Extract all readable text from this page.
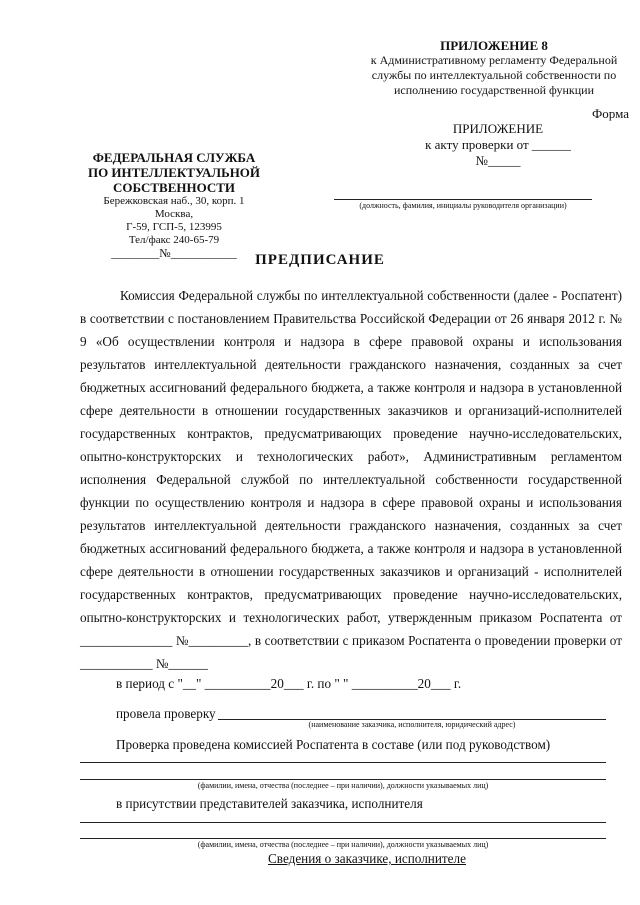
ПРИЛОЖЕНИЕ 8
к Административному регламенту Федеральной
службы по интеллектуальной собственности по
исполнению государственной функции
Форма
ПРИЛОЖЕНИЕ
к акту проверки от ______ №_____
ФЕДЕРАЛЬНАЯ СЛУЖБА
ПО ИНТЕЛЛЕКТУАЛЬНОЙ
СОБСТВЕННОСТИ
Бережковская наб., 30, корп. 1 Москва,
Г-59, ГСП-5, 123995
Тел/факс 240-65-79
________№___________
(должность, фамилия, инициалы руководителя организации)
ПРЕДПИСАНИЕ

Комиссия Федеральной службы по интеллектуальной собственности (далее - Роспатент) в соответствии с постановлением Правительства Российской Федерации от 26 января 2012 г. № 9 «Об осуществлении контроля и надзора в сфере правовой охраны и использования результатов интеллектуальной деятельности гражданского назначения, созданных за счет бюджетных ассигнований федерального бюджета, а также контроля и надзора в установленной сфере деятельности в отношении государственных заказчиков и организаций-исполнителей государственных контрактов, предусматривающих проведение научно-исследовательских, опытно-конструкторских и технологических работ», Административным регламентом исполнения Федеральной службой по интеллектуальной собственности государственной функции по осуществлению контроля и надзора в сфере правовой охраны и использования результатов интеллектуальной деятельности гражданского назначения, созданных за счет бюджетных ассигнований федерального бюджета, а также контроля и надзора в установленной сфере деятельности в отношении государственных заказчиков и организаций - исполнителей государственных контрактов, предусматривающих проведение научно-исследовательских, опытно-конструкторских и технологических работ, утвержденным приказом Роспатента от ______________ №_________, в соответствии с приказом Роспатента о проведении проверки от ___________ №______

в период с "__" __________20___ г. по " " __________20___ г.
провела проверку
(наименование заказчика, исполнителя, юридический адрес)
Проверка проведена комиссией Роспатента в составе (или под руководством)
(фамилии, имена, отчества (последнее – при наличии), должности указываемых лиц)
в присутствии представителей заказчика, исполнителя
(фамилии, имена, отчества (последнее – при наличии), должности указываемых лиц)
Сведения о заказчике, исполнителе
